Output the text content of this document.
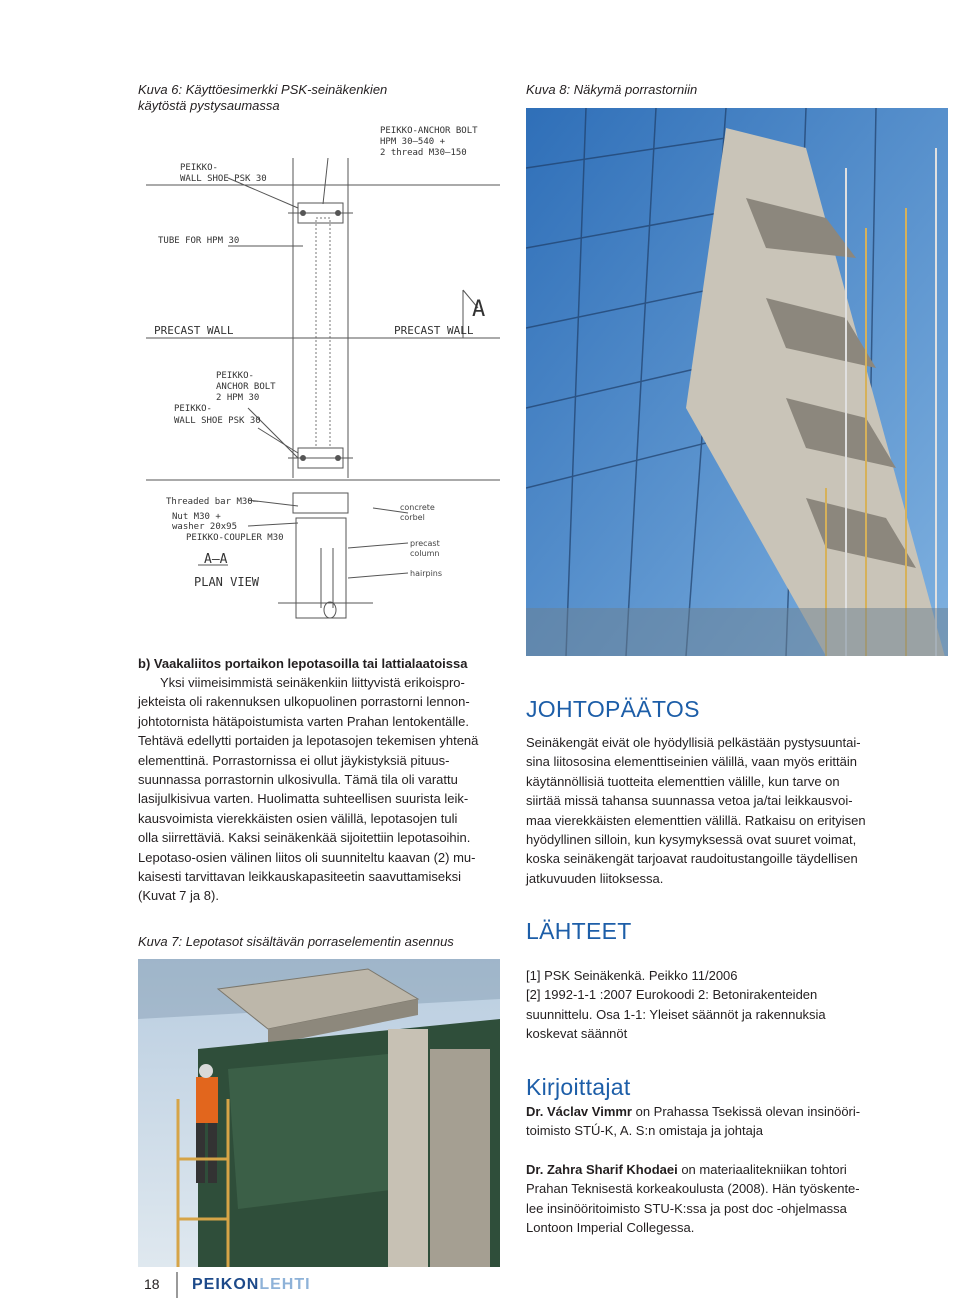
Kuva 6: Käyttöesimerkki PSK-seinäkenkien käytöstä pystysaumassa
Kuva 8: Näkymä porrastorniin
PEIKKO-ANCHOR BOLT
HPM 30–540 +
2 thread M30–150
PEIKKO-
WALL SHOE PSK 30
TUBE FOR HPM 30
A
PRECAST WALL	PRECAST WALL
PEIKKO-
ANCHOR BOLT
2 HPM 30
PEIKKO-
WALL SHOE PSK 30
Threaded bar M30–
Nut M30 +
washer 20x95
PEIKKO-COUPLER M30
A—A
PLAN VIEW
concrete
corbel
precast
column
hairpins
b) Vaakaliitos portaikon lepotasoilla tai lattialaatoissa
Yksi viimeisimmistä seinäkenkiin liittyvistä erikoispro-
jekteista oli rakennuksen ulkopuolinen porrastorni lennon-
johtotornista hätäpoistumista varten Prahan lentokentälle.
Tehtävä edellytti portaiden ja lepotasojen tekemisen yhtenä
elementtinä. Porrastornissa ei ollut jäykistyksiä pituus-
suunnassa porrastornin ulkosivulla. Tämä tila oli varattu
lasijulkisivua varten. Huolimatta suhteellisen suurista leik-
kausvoimista vierekkäisten osien välillä, lepotasojen tuli
olla siirrettäviä. Kaksi seinäkenkää sijoitettiin lepotasoihin.
Lepotaso-osien välinen liitos oli suunniteltu kaavan (2) mu-
kaisesti tarvittavan leikkauskapasiteetin saavuttamiseksi
(Kuvat 7 ja 8).
Kuva 7: Lepotasot sisältävän porraselementin asennus
JOHTOPÄÄTOS
Seinäkengät eivät ole hyödyllisiä pelkästään pystysuuntai-
sina liitososina elementtiseinien välillä, vaan myös erittäin
käytännöllisiä tuotteita elementtien välille, kun tarve on
siirtää missä tahansa suunnassa vetoa ja/tai leikkausvoi-
maa vierekkäisten elementtien välillä. Ratkaisu on erityisen
hyödyllinen silloin, kun kysymyksessä ovat suuret voimat,
koska seinäkengät tarjoavat raudoitustangoille täydellisen
jatkuvuuden liitoksessa.
LÄHTEET
[1] PSK Seinäkenkä. Peikko 11/2006
[2] 1992-1-1 :2007 Eurokoodi 2: Betonirakenteiden
suunnittelu. Osa 1-1: Yleiset säännöt ja rakennuksia
koskevat säännöt
Kirjoittajat
Dr. Václav Vimmr on Prahassa Tsekissä olevan insinööri-
toimisto STÚ-K, A. S:n omistaja ja johtaja
Dr. Zahra Sharif Khodaei on materiaalitekniikan tohtori
Prahan Teknisestä korkeakoulusta (2008). Hän työskente-
lee insinööritoimisto STU-K:ssa ja post doc -ohjelmassa
Lontoon Imperial Collegessa.
18 PEIKONLEHTI
